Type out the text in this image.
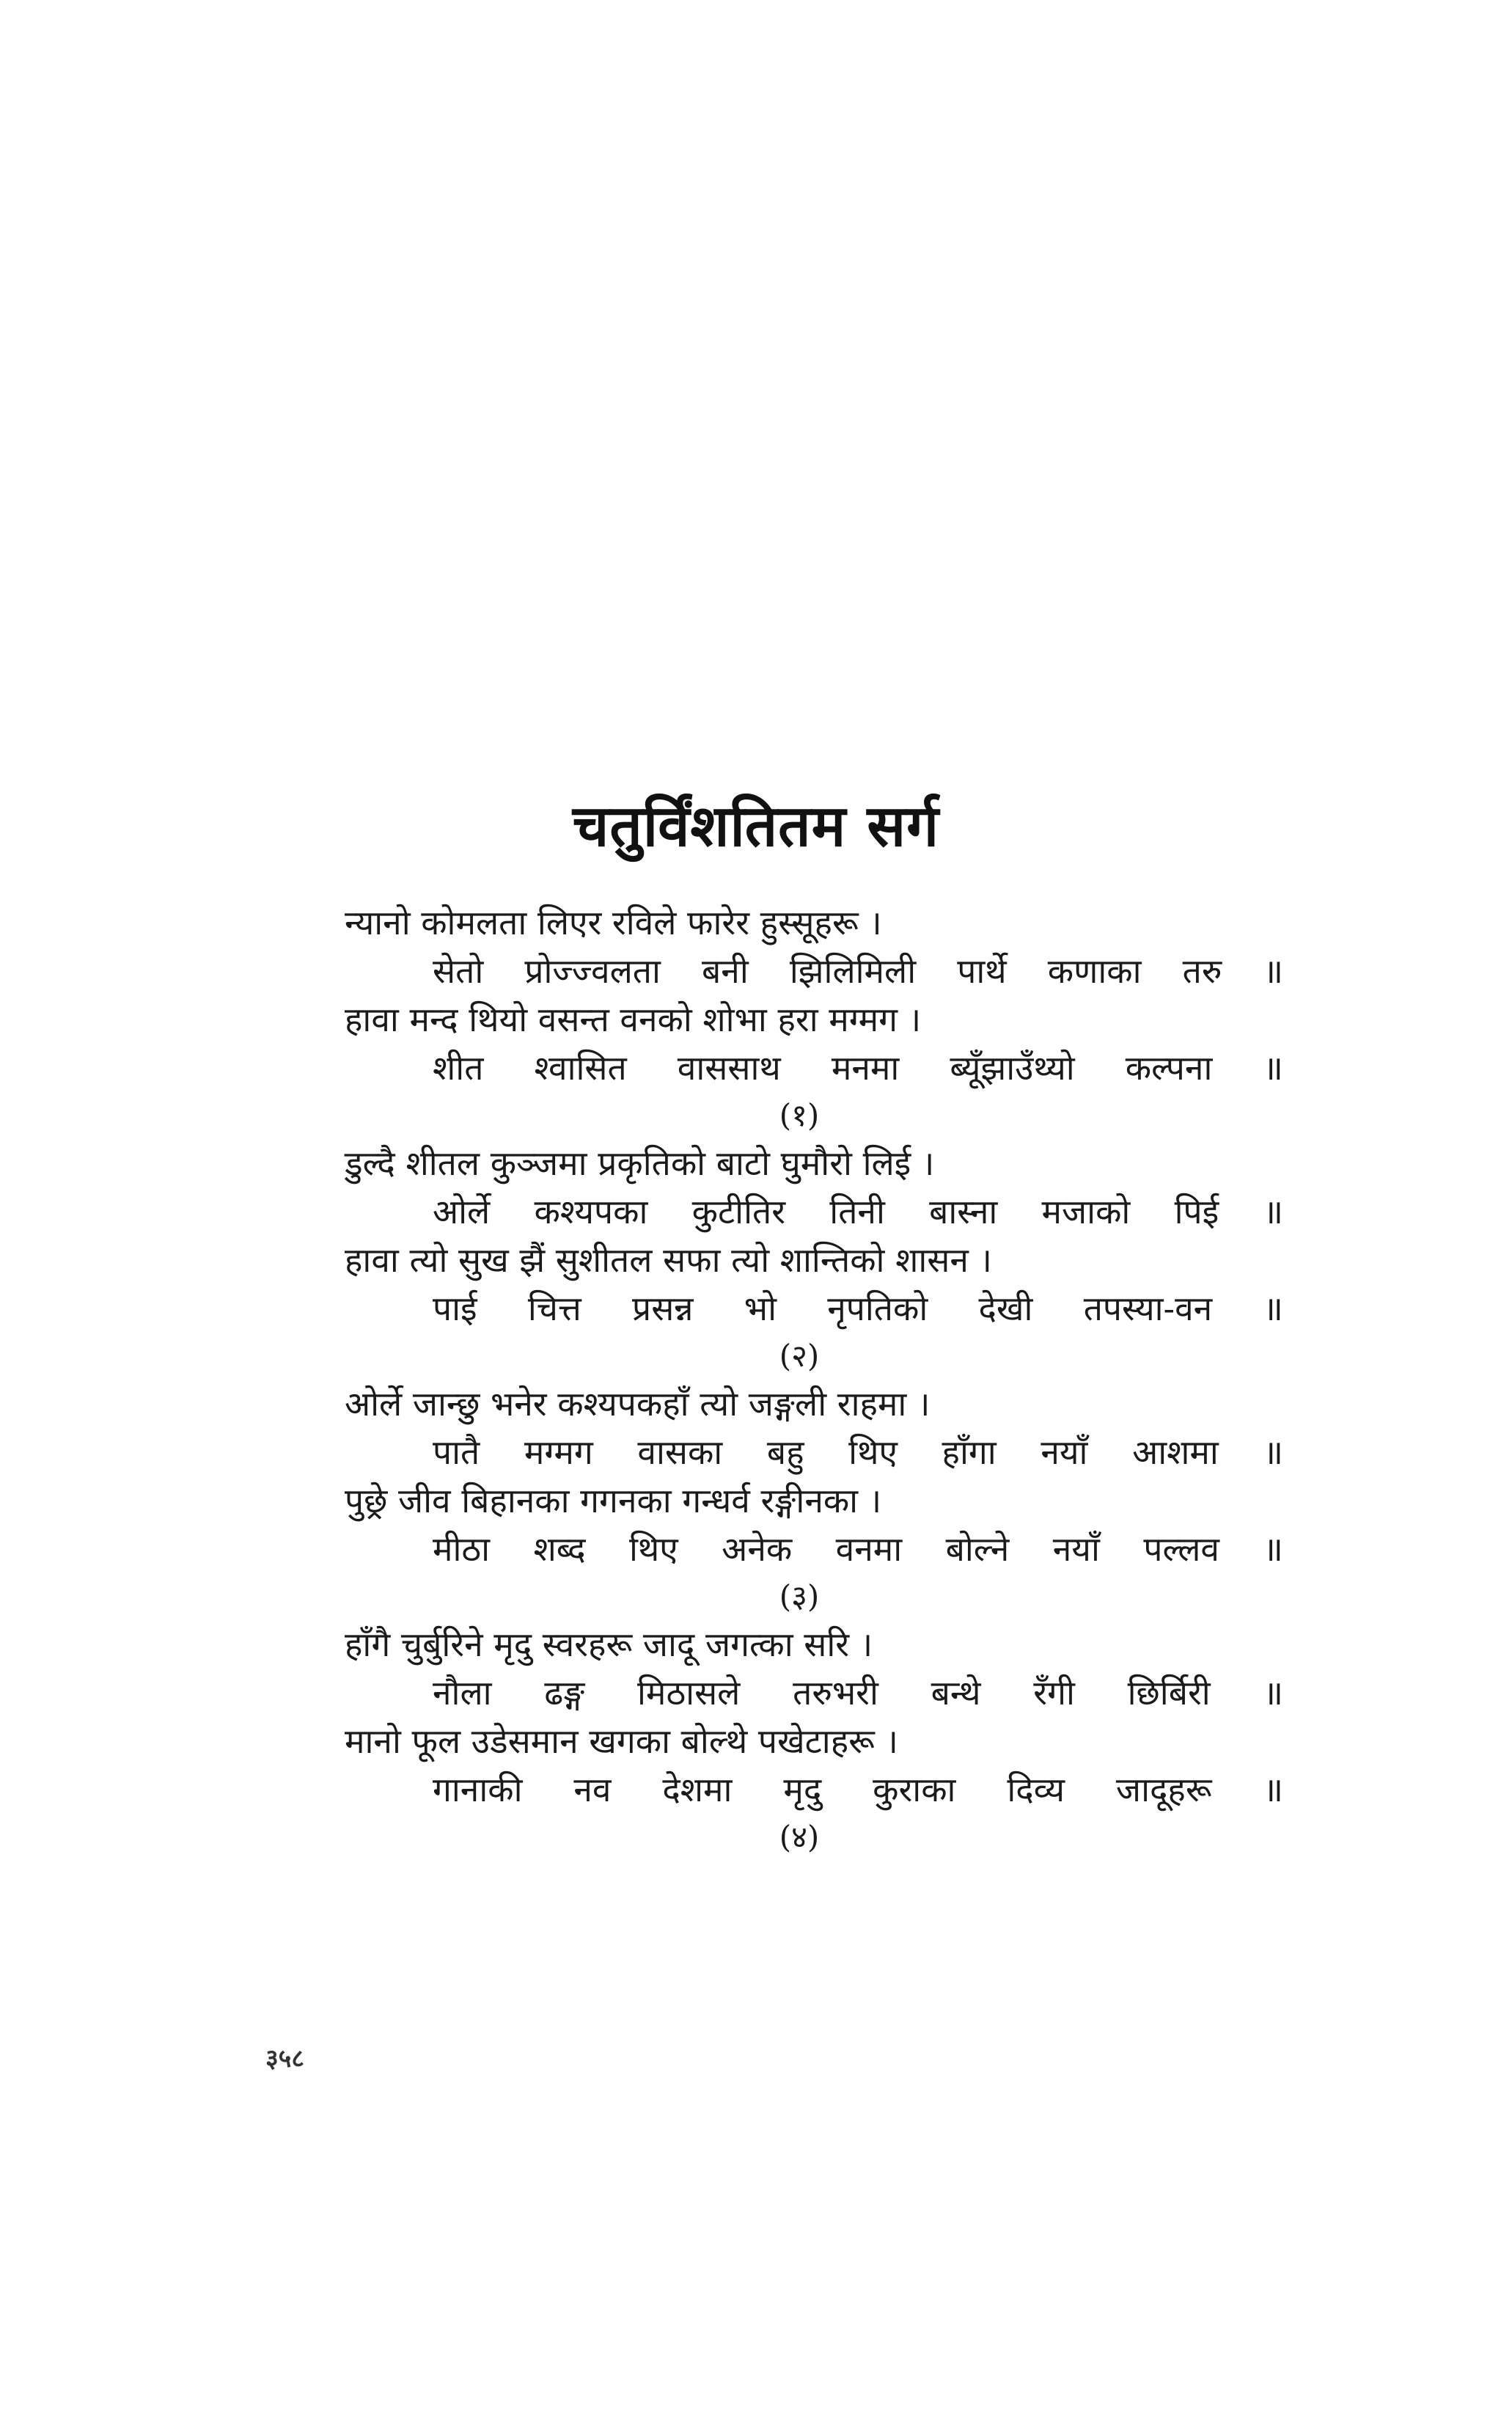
चतुर्विंशतितम सर्ग
न्यानो कोमलता लिएर रविले फारेर हुस्सूहरू ।
सेतो प्रोज्ज्वलता बनी झिलिमिली पार्थे कणाका तरु ॥
हावा मन्द थियो वसन्त वनको शोभा हरा मग्मग ।
शीत श्वासित वाससाथ मनमा ब्यूँझाउँथ्यो कल्पना ॥
(१)
डुल्दै शीतल कुञ्जमा प्रकृतिको बाटो घुमौरो लिई ।
ओर्ले कश्यपका कुटीतिर तिनी बास्ना मजाको पिई ॥
हावा त्यो सुख झैं सुशीतल सफा त्यो शान्तिको शासन ।
पाई चित्त प्रसन्न भो नृपतिको देखी तपस्या-वन ॥
(२)
ओर्ले जान्छु भनेर कश्यपकहाँ त्यो जङ्गली राहमा ।
पातै मग्मग वासका बहु थिए हाँगा नयाँ आशमा ॥
पुछ्रे जीव बिहानका गगनका गन्धर्व रङ्गीनका ।
मीठा शब्द थिए अनेक वनमा बोल्ने नयाँ पल्लव ॥
(३)
हाँगै चुर्बुरिने मृदु स्वरहरू जादू जगत्का सरि ।
नौला ढङ्ग मिठासले तरुभरी बन्थे रँगी छिर्बिरी ॥
मानो फूल उडेसमान खगका बोल्थे पखेटाहरू ।
गानाकी नव देशमा मृदु कुराका दिव्य जादूहरू ॥
(४)
३५८
